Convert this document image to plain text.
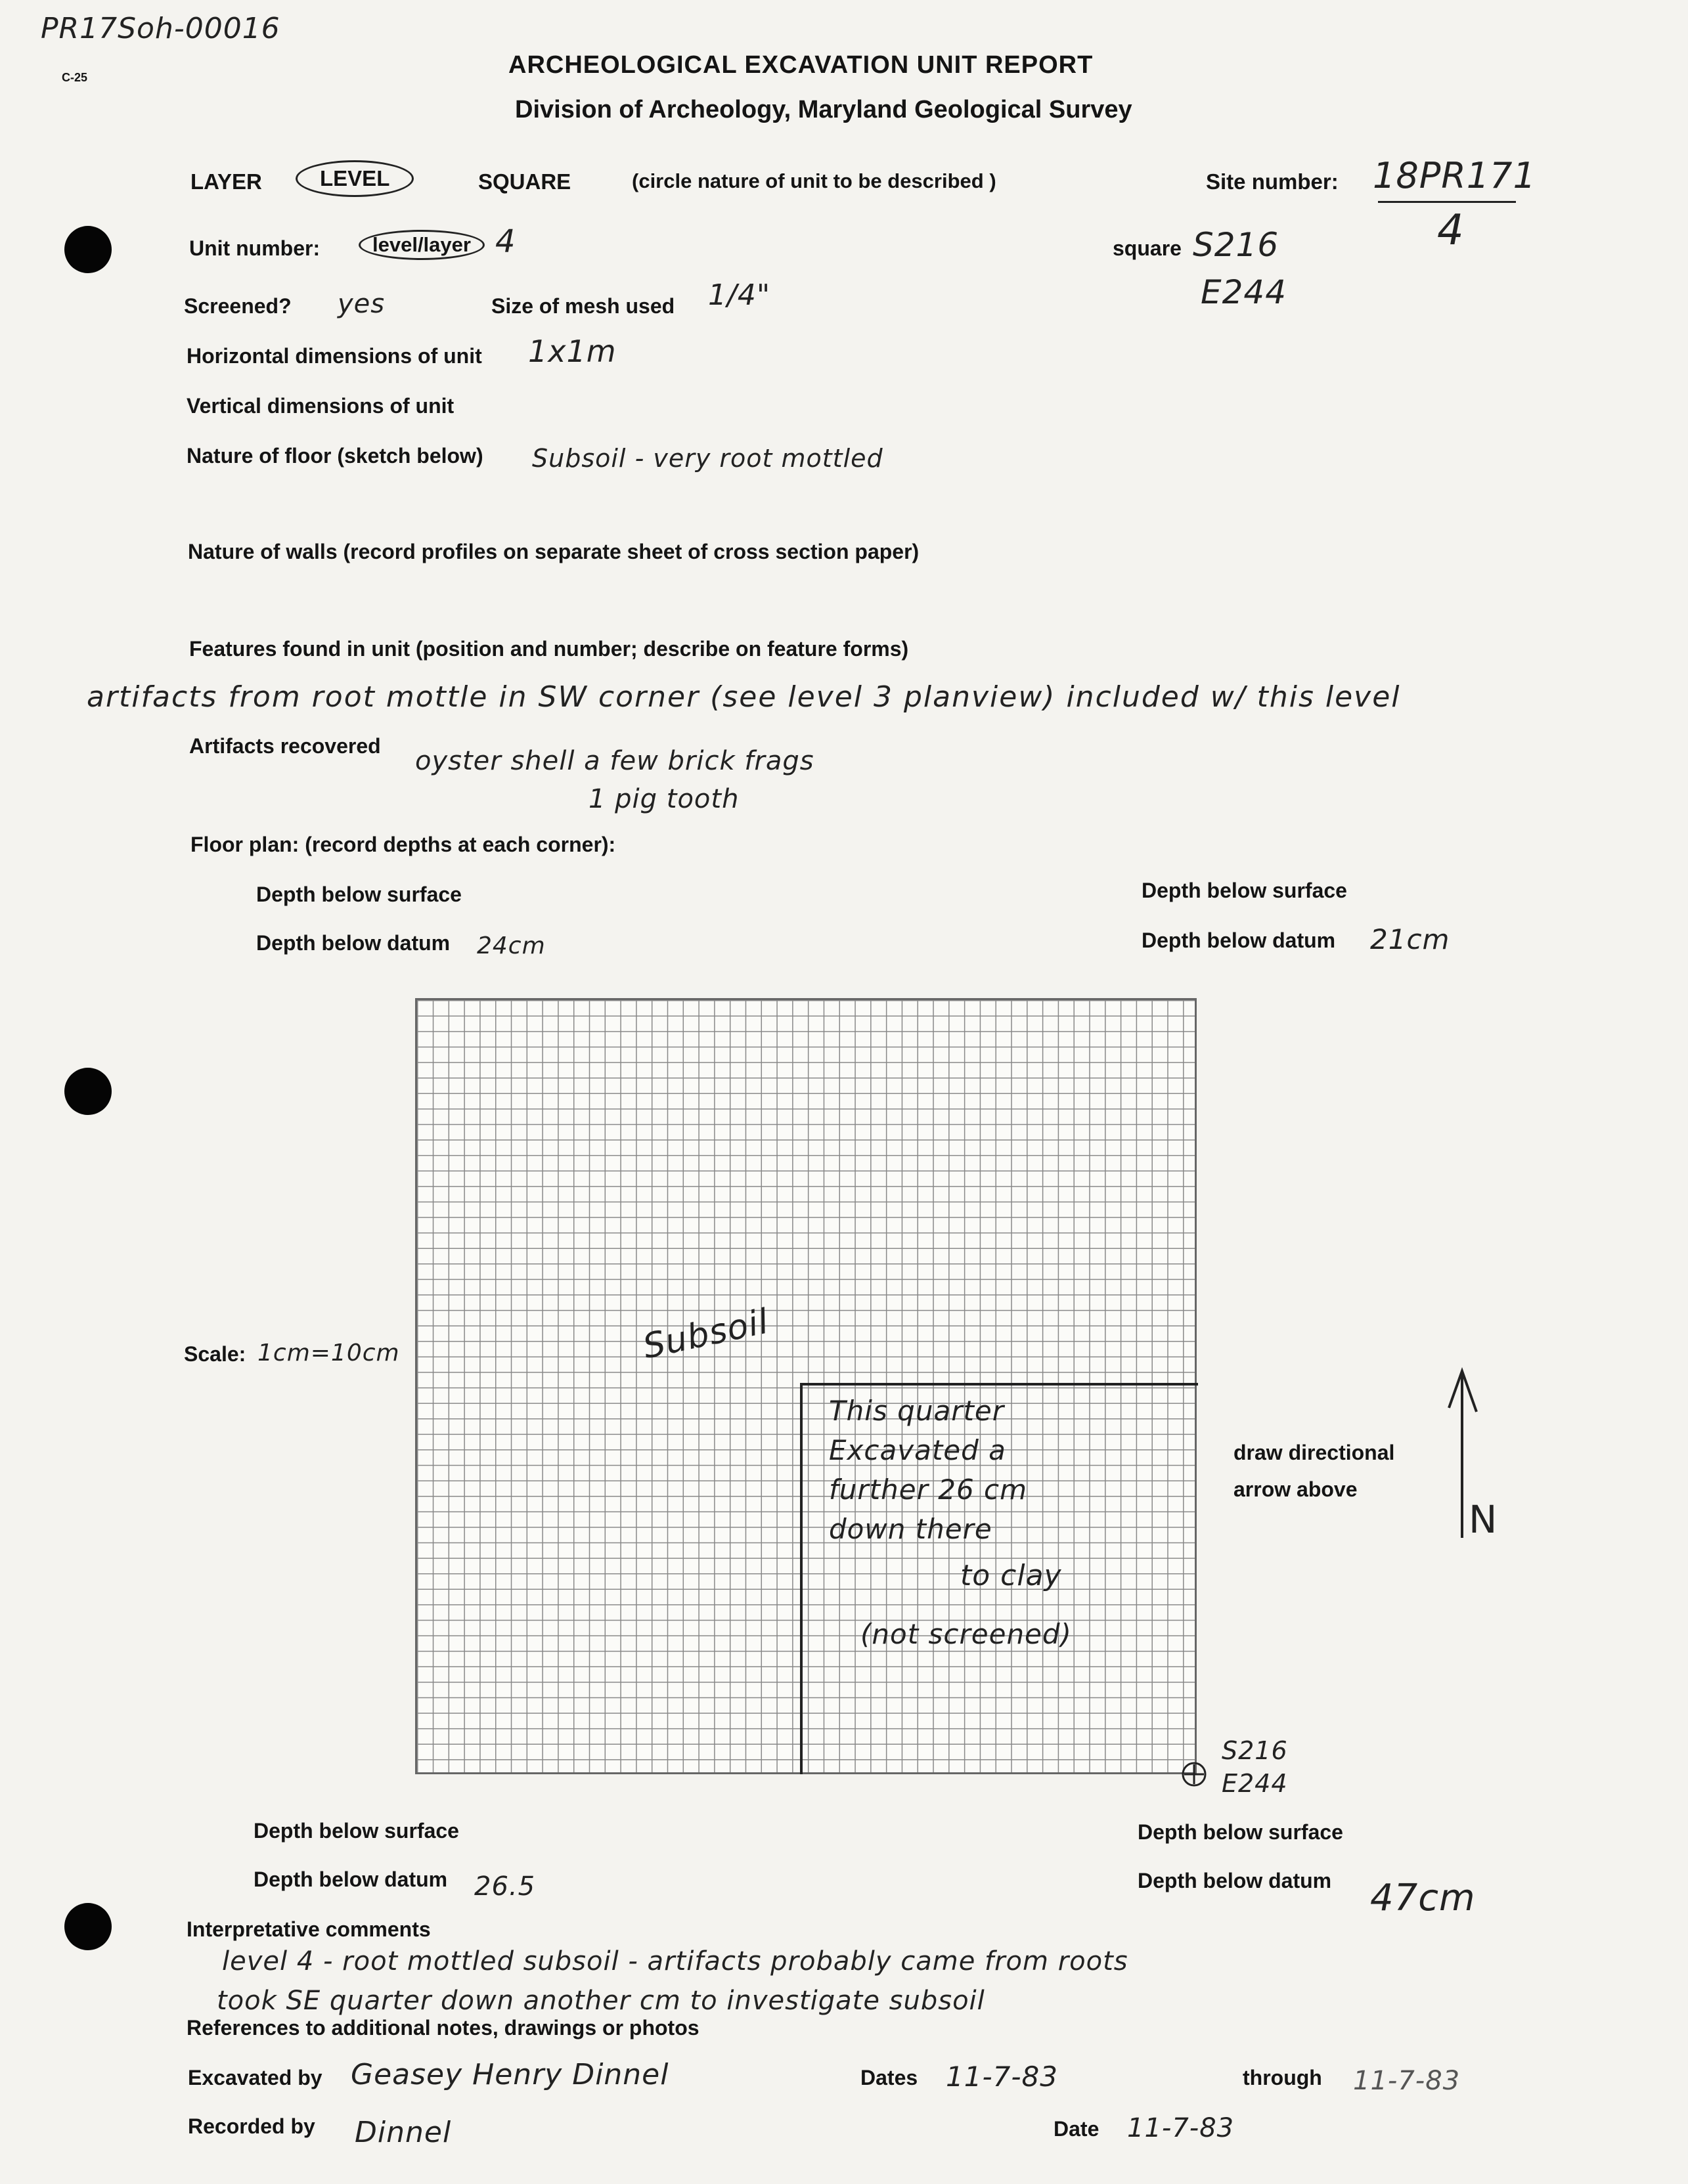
PR17Soh-00016
C-25	ARCHEOLOGICAL EXCAVATION UNIT REPORT
Division of Archeology, Maryland Geological Survey
LAYER	LEVEL	SQUARE	(circle nature of unit to be described )	Site number: 18PR171
4
Unit number:	level/layer 4	square S216
E244
Screened? yes	Size of mesh used 1/4"
Horizontal dimensions of unit 1x1m
Vertical dimensions of unit
Nature of floor (sketch below) Subsoil - very root mottled
Nature of walls (record profiles on separate sheet of cross section paper)
Features found in unit (position and number; describe on feature forms)
artifacts from root mottle in SW corner (see level 3 planview) included w/ this level
Artifacts recovered oyster shell a few brick frags
1 pig tooth
Floor plan: (record depths at each corner):
Depth below surface
Depth below datum 24cm
Depth below surface
Depth below datum 21cm
Subsoil
This quarter
Excavated a
further 26 cm
down there
to clay
(not screened)
S216
E244
Scale: 1cm=10cm
draw directional
arrow above
N
Depth below surface
Depth below datum 26.5
Depth below surface
Depth below datum 47cm
Interpretative comments
level 4 - root mottled subsoil - artifacts probably came from roots
took SE quarter down another cm to investigate subsoil
References to additional notes, drawings or photos
Excavated by Geasey Henry Dinnel	Dates 11-7-83	through 11-7-83
Recorded by Dinnel	Date 11-7-83
